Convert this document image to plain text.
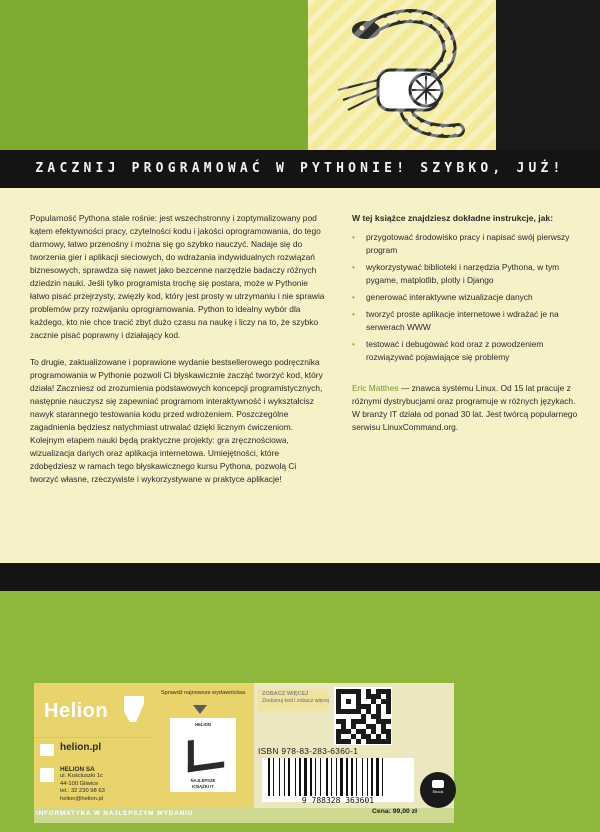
ZACZNIJ PROGRAMOWAĆ W PYTHONIE! SZYBKO, JUŻ!

Popularność Pythona stale rośnie: jest wszechstronny i zoptymalizowany pod kątem efektywności pracy, czytelności kodu i jakości oprogramowania, do tego darmowy, łatwo przenośny i można się go szybko nauczyć. Nadaje się do tworzenia gier i aplikacji sieciowych, do wdrażania indywidualnych rozwiązań biznesowych, sprawdza się nawet jako bezcenne narzędzie badaczy różnych dziedzin nauki. Jeśli tylko programista trochę się postara, może w Pythonie łatwo pisać przejrzysty, zwięzły kod, który jest prosty w utrzymaniu i nie sprawia problemów przy rozwijaniu oprogramowania. Python to idealny wybór dla każdego, kto nie chce tracić zbyt dużo czasu na naukę i liczy na to, że szybko zacznie pisać poprawny i działający kod.

To drugie, zaktualizowane i poprawione wydanie bestsellerowego podręcznika programowania w Pythonie pozwoli Ci błyskawicznie zacząć tworzyć kod, który działa! Zaczniesz od zrozumienia podstawowych koncepcji programistycznych, następnie nauczysz się zapewniać programom interaktywność i wykształcisz nawyk starannego testowania kodu przed wdrożeniem. Poszczególne zagadnienia będziesz natychmiast utrwalać dzięki licznym ćwiczeniom. Kolejnym etapem nauki będą praktyczne projekty: gra zręcznościowa, wizualizacja danych oraz aplikacja internetowa. Umiejętności, które zdobędziesz w ramach tego błyskawicznego kursu Pythona, pozwolą Ci tworzyć własne, rzeczywiste i wykorzystywane w praktyce aplikacje!

W tej książce znajdziesz dokładne instrukcje, jak:
• przygotować środowisko pracy i napisać swój pierwszy program
• wykorzystywać biblioteki i narzędzia Pythona, w tym pygame, matplotlib, plotly i Django
• generować interaktywne wizualizacje danych
• tworzyć proste aplikacje internetowe i wdrażać je na serwerach WWW
• testować i debugować kod oraz z powodzeniem rozwiązywać pojawiające się problemy
Eric Matthes — znawca systemu Linux. Od 15 lat pracuje z różnymi dystrybucjami oraz programuje w różnych językach. W branży IT działa od ponad 30 lat. Jest twórcą popularnego serwisu LinuxCommand.org.
Helion
helion.pl
HELION SA
ul. Kościuszki 1c
44-100 Gliwice
tel.: 32 230 98 63
helion@helion.pl
Sprawdź najnowsze wydawnictwa
HELION
NAJLEPSZE
KSIĄŻKI IT
ZOBACZ WIĘCEJ
Zeskanuj kod i zobacz więcej
ISBN 978-83-283-6360-1
9 788328 363601
INFORMATYKA W NAJLEPSZYM WYDANIU	Cena: 99,00 zł
Ebook
